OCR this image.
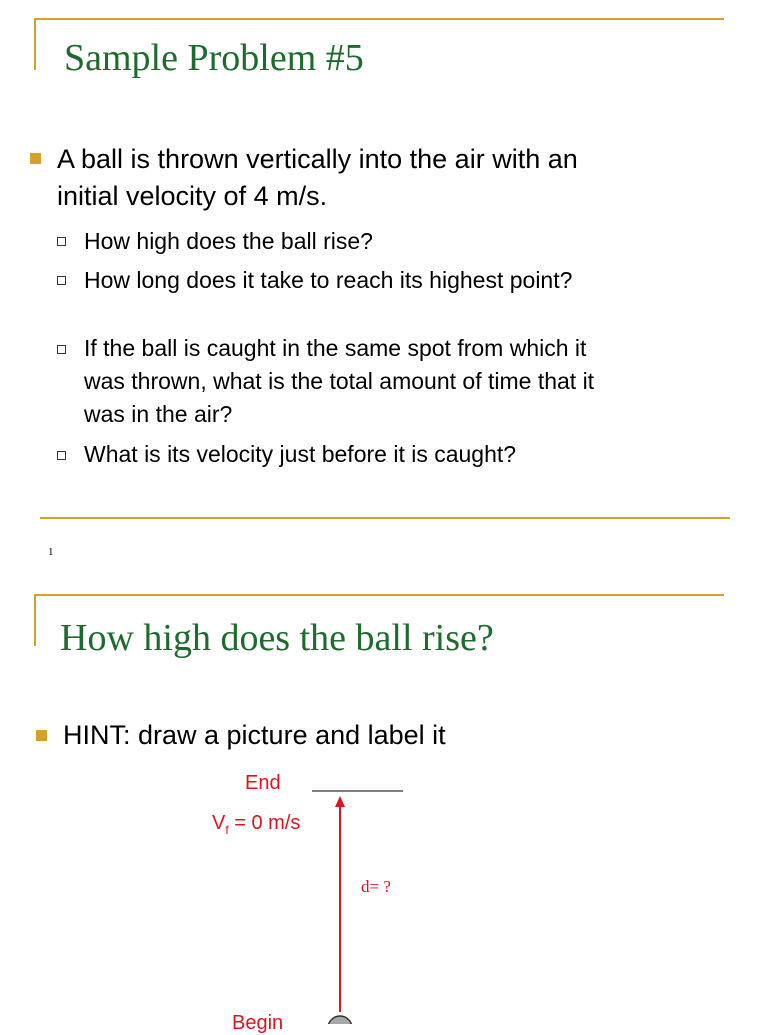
Sample Problem #5
A ball is thrown vertically into the air with an
initial velocity of 4 m/s.
How high does the ball rise?
How long does it take to reach its highest point?
If the ball is caught in the same spot from which it
was thrown, what is the total amount of time that it
was in the air?
What is its velocity just before it is caught?
1
How high does the ball rise?
HINT: draw a picture and label it
End
$V_f = 0$ m/s
d= ?
Begin
